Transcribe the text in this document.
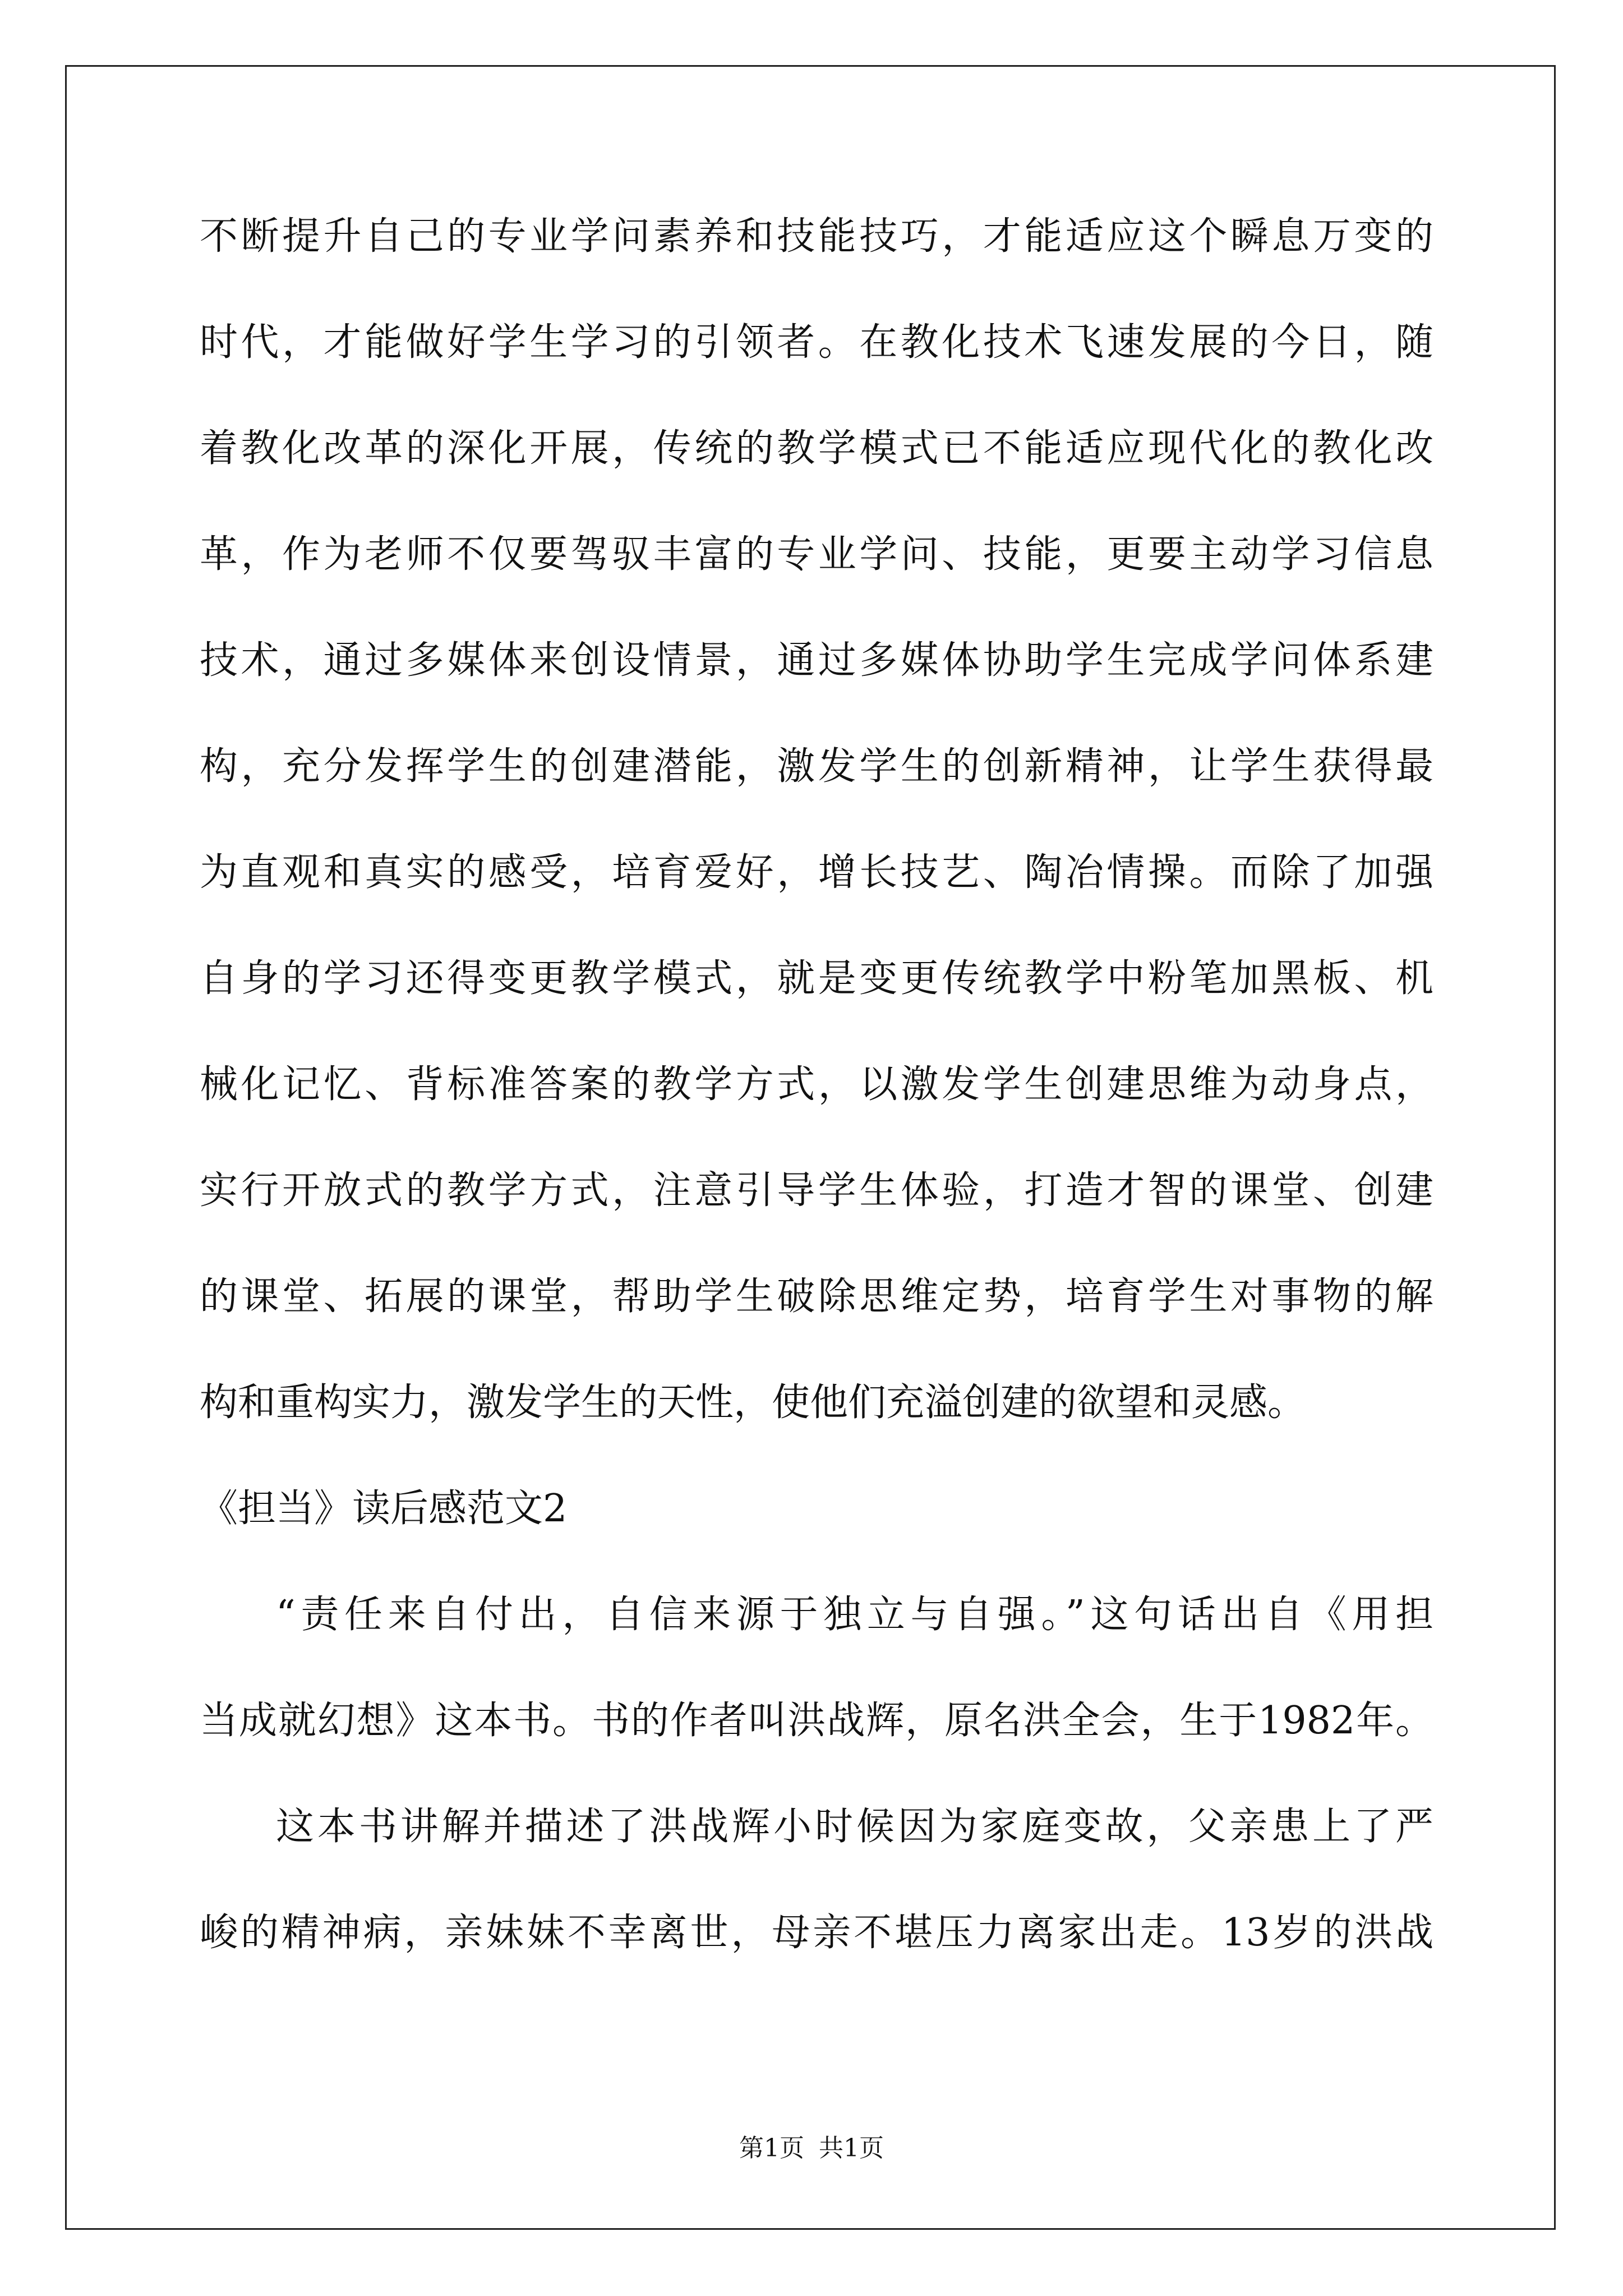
不断提升自己的专业学问素养和技能技巧，才能适应这个瞬息万变的
时代，才能做好学生学习的引领者。在教化技术飞速发展的今日，随
着教化改革的深化开展，传统的教学模式已不能适应现代化的教化改
革，作为老师不仅要驾驭丰富的专业学问、技能，更要主动学习信息
技术，通过多媒体来创设情景，通过多媒体协助学生完成学问体系建
构，充分发挥学生的创建潜能，激发学生的创新精神，让学生获得最
为直观和真实的感受，培育爱好，增长技艺、陶冶情操。而除了加强
自身的学习还得变更教学模式，就是变更传统教学中粉笔加黑板、机
械化记忆、背标准答案的教学方式，以激发学生创建思维为动身点，
实行开放式的教学方式，注意引导学生体验，打造才智的课堂、创建
的课堂、拓展的课堂，帮助学生破除思维定势，培育学生对事物的解
构和重构实力，激发学生的天性，使他们充溢创建的欲望和灵感。
《担当》读后感范文2
“责任来自付出，自信来源于独立与自强。”这句话出自《用担
当成就幻想》这本书。书的作者叫洪战辉，原名洪全会，生于1982年。
这本书讲解并描述了洪战辉小时候因为家庭变故，父亲患上了严
峻的精神病，亲妹妹不幸离世，母亲不堪压力离家出走。13岁的洪战
第1页 共1页
